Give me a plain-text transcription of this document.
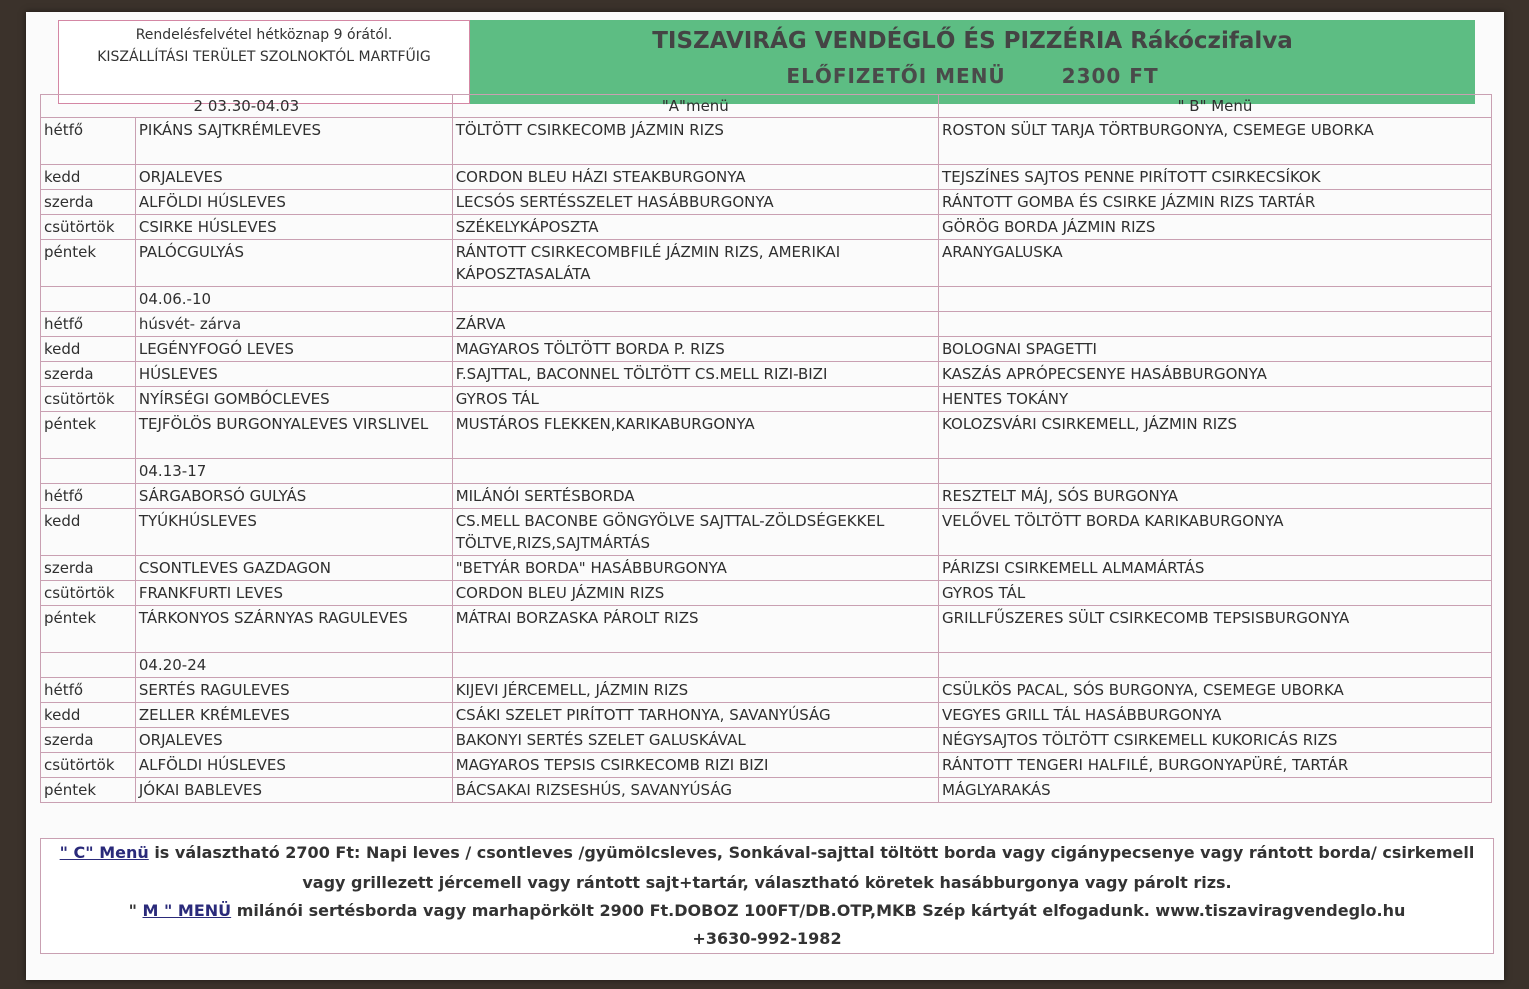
Rendelésfelvétel hétköznap 9 órától.
KISZÁLLÍTÁSI TERÜLET SZOLNOKTÓL MARTFŰIG
TISZAVIRÁG VENDÉGLŐ ÉS PIZZÉRIA Rákóczifalva
ELŐFIZETŐI MENÜ	2300 FT
2 03.30-04.03		"A"menü	" B" Menü
hétfő	PIKÁNS SAJTKRÉMLEVES	TÖLTÖTT CSIRKECOMB JÁZMIN RIZS	ROSTON SÜLT TARJA TÖRTBURGONYA, CSEMEGE UBORKA
kedd	ORJALEVES	CORDON BLEU HÁZI STEAKBURGONYA	TEJSZÍNES SAJTOS PENNE PIRÍTOTT CSIRKECSÍKOK
szerda	ALFÖLDI HÚSLEVES	LECSÓS SERTÉSSZELET HASÁBBURGONYA	RÁNTOTT GOMBA ÉS CSIRKE JÁZMIN RIZS TARTÁR
csütörtök	CSIRKE HÚSLEVES	SZÉKELYKÁPOSZTA	GÖRÖG BORDA JÁZMIN RIZS
péntek	PALÓCGULYÁS	RÁNTOTT CSIRKECOMBFILÉ JÁZMIN RIZS, AMERIKAI KÁPOSZTASALÁTA	ARANYGALUSKA
	04.06.-10		
hétfő	húsvét- zárva	ZÁRVA	
kedd	LEGÉNYFOGÓ LEVES	MAGYAROS TÖLTÖTT BORDA P. RIZS	BOLOGNAI SPAGETTI
szerda	HÚSLEVES	F.SAJTTAL, BACONNEL TÖLTÖTT CS.MELL RIZI-BIZI	KASZÁS APRÓPECSENYE HASÁBBURGONYA
csütörtök	NYÍRSÉGI GOMBÓCLEVES	GYROS TÁL	HENTES TOKÁNY
péntek	TEJFÖLÖS BURGONYALEVES VIRSLIVEL	MUSTÁROS FLEKKEN,KARIKABURGONYA	KOLOZSVÁRI CSIRKEMELL, JÁZMIN RIZS
	04.13-17		
hétfő	SÁRGABORSÓ GULYÁS	MILÁNÓI SERTÉSBORDA	RESZTELT MÁJ, SÓS BURGONYA
kedd	TYÚKHÚSLEVES	CS.MELL BACONBE GÖNGYÖLVE SAJTTAL-ZÖLDSÉGEKKEL TÖLTVE,RIZS,SAJTMÁRTÁS	VELŐVEL TÖLTÖTT BORDA KARIKABURGONYA
szerda	CSONTLEVES GAZDAGON	"BETYÁR BORDA" HASÁBBURGONYA	PÁRIZSI CSIRKEMELL ALMAMÁRTÁS
csütörtök	FRANKFURTI LEVES	CORDON BLEU JÁZMIN RIZS	GYROS TÁL
péntek	TÁRKONYOS SZÁRNYAS RAGULEVES	MÁTRAI BORZASKA PÁROLT RIZS	GRILLFŰSZERES SÜLT CSIRKECOMB TEPSISBURGONYA
	04.20-24		
hétfő	SERTÉS RAGULEVES	KIJEVI JÉRCEMELL, JÁZMIN RIZS	CSÜLKÖS PACAL, SÓS BURGONYA, CSEMEGE UBORKA
kedd	ZELLER KRÉMLEVES	CSÁKI SZELET PIRÍTOTT TARHONYA, SAVANYÚSÁG	VEGYES GRILL TÁL HASÁBBURGONYA
szerda	ORJALEVES	BAKONYI SERTÉS SZELET GALUSKÁVAL	NÉGYSAJTOS TÖLTÖTT CSIRKEMELL KUKORICÁS RIZS
csütörtök	ALFÖLDI HÚSLEVES	MAGYAROS TEPSIS CSIRKECOMB RIZI BIZI	RÁNTOTT TENGERI HALFILÉ, BURGONYAPÜRÉ, TARTÁR
péntek	JÓKAI BABLEVES	BÁCSAKAI RIZSESHÚS, SAVANYÚSÁG	MÁGLYARAKÁS
" C" Menü is választható 2700 Ft: Napi leves / csontleves /gyümölcsleves, Sonkával-sajttal töltött borda vagy cigánypecsenye vagy rántott borda/ csirkemell
vagy grillezett jércemell vagy rántott sajt+tartár, választható köretek hasábburgonya vagy párolt rizs.
" M " MENÜ milánói sertésborda vagy marhapörkölt 2900 Ft.DOBOZ 100FT/DB.OTP,MKB Szép kártyát elfogadunk. www.tiszaviragvendeglo.hu
+3630-992-1982
